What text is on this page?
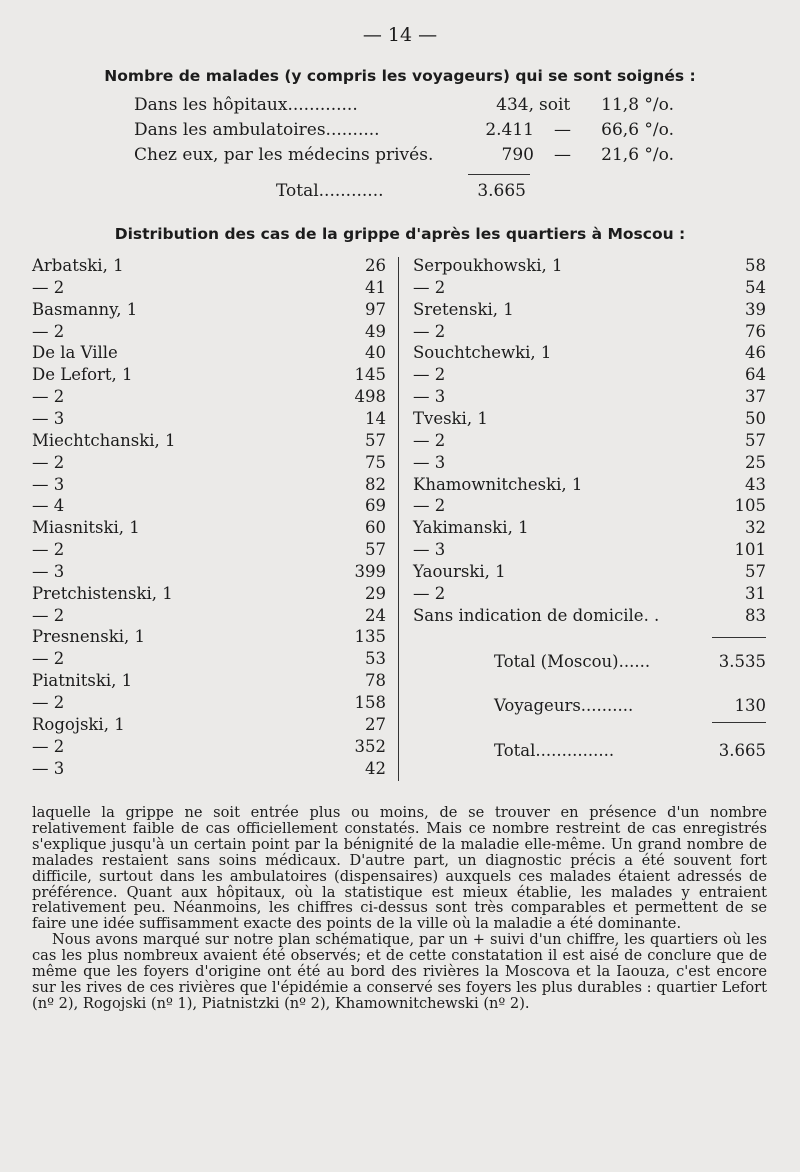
— 14 —
Nombre de malades (y compris les voyageurs) qui se sont soignés :
Dans les hôpitaux.............	434, soit 11,8 °/o.
Dans les ambulatoires..........	2.411 — 66,6 °/o.
Chez eux, par les médecins privés.	790 — 21,6 °/o.
Total............	3.665
Distribution des cas de la grippe d'après les quartiers à Moscou :
Arbatski, 1	26
— 2	41
Basmanny, 1	97
— 2	49
De la Ville	40
De Lefort, 1	145
— 2	498
— 3	14
Miechtchanski, 1	57
— 2	75
— 3	82
— 4	69
Miasnitski, 1	60
— 2	57
— 3	399
Pretchistenski, 1	29
— 2	24
Presnenski, 1	135
— 2	53
Piatnitski, 1	78
— 2	158
Rogojski, 1	27
— 2	352
— 3	42
Serpoukhowski, 1	58
— 2	54
Sretenski, 1	39
— 2	76
Souchtchewki, 1	46
— 2	64
— 3	37
Tveski, 1	50
— 2	57
— 3	25
Khamownitcheski, 1	43
— 2	105
Yakimanski, 1	32
— 3	101
Yaourski, 1	57
— 2	31
Sans indication de domicile. .	83
Total (Moscou)......	3.535
Voyageurs..........	130
Total...............	3.665

laquelle la grippe ne soit entrée plus ou moins, de se trouver en présence d'un nombre relativement faible de cas officiellement constatés. Mais ce nombre restreint de cas enregistrés s'explique jusqu'à un certain point par la bénignité de la maladie elle-même. Un grand nombre de malades restaient sans soins médicaux. D'autre part, un diagnostic précis a été souvent fort difficile, surtout dans les ambulatoires (dispensaires) auxquels ces malades étaient adressés de préférence. Quant aux hôpitaux, où la statistique est mieux établie, les malades y entraient relativement peu. Néanmoins, les chiffres ci-dessus sont très comparables et permettent de se faire une idée suffisamment exacte des points de la ville où la maladie a été dominante.

Nous avons marqué sur notre plan schématique, par un + suivi d'un chiffre, les quartiers où les cas les plus nombreux avaient été observés; et de cette constatation il est aisé de conclure que de même que les foyers d'origine ont été au bord des rivières la Moscova et la Iaouza, c'est encore sur les rives de ces rivières que l'épidémie a conservé ses foyers les plus durables : quartier Lefort (nº 2), Rogojski (nº 1), Piatnistzki (nº 2), Khamownitchewski (nº 2).
